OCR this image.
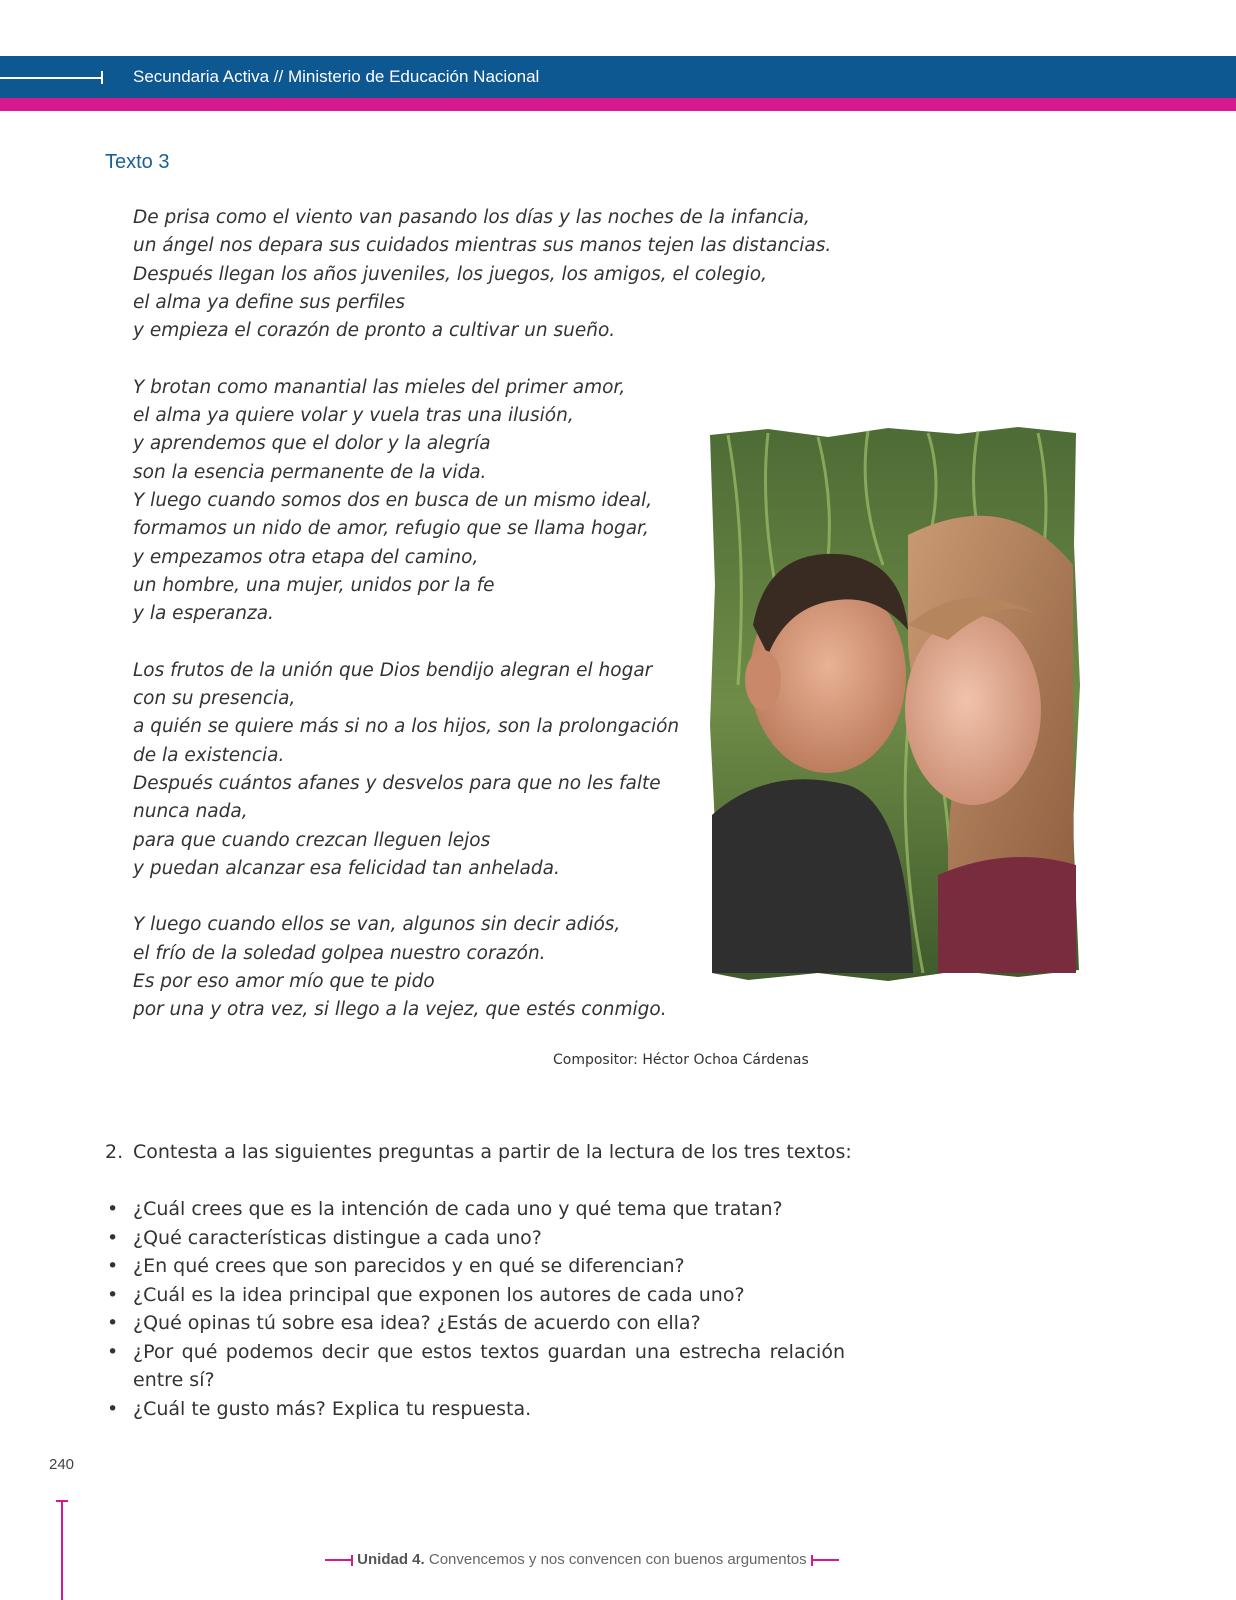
Secundaria Activa // Ministerio de Educación Nacional
Texto 3
De prisa como el viento van pasando los días y las noches de la infancia,
un ángel nos depara sus cuidados mientras sus manos tejen las distancias.
Después llegan los años juveniles, los juegos, los amigos, el colegio,
el alma ya define sus perfiles
y empieza el corazón de pronto a cultivar un sueño.
Y brotan como manantial las mieles del primer amor,
el alma ya quiere volar y vuela tras una ilusión,
y aprendemos que el dolor y la alegría
son la esencia permanente de la vida.
Y luego cuando somos dos en busca de un mismo ideal,
formamos un nido de amor, refugio que se llama hogar,
y empezamos otra etapa del camino,
un hombre, una mujer, unidos por la fe
y la esperanza.
Los frutos de la unión que Dios bendijo alegran el hogar
con su presencia,
a quién se quiere más si no a los hijos, son la prolongación
de la existencia.
Después cuántos afanes y desvelos para que no les falte
nunca nada,
para que cuando crezcan lleguen lejos
y puedan alcanzar esa felicidad tan anhelada.
Y luego cuando ellos se van, algunos sin decir adiós,
el frío de la soledad golpea nuestro corazón.
Es por eso amor mío que te pido
por una y otra vez, si llego a la vejez, que estés conmigo.
Compositor: Héctor Ochoa Cárdenas
2. Contesta a las siguientes preguntas a partir de la lectura de los tres textos:
• ¿Cuál crees que es la intención de cada uno y qué tema que tratan?
• ¿Qué características distingue a cada uno?
• ¿En qué crees que son parecidos y en qué se diferencian?
• ¿Cuál es la idea principal que exponen los autores de cada uno?
• ¿Qué opinas tú sobre esa idea? ¿Estás de acuerdo con ella?
• ¿Por qué podemos decir que estos textos guardan una estrecha relación entre sí?
• ¿Cuál te gusto más? Explica tu respuesta.
240
Unidad 4. Convencemos y nos convencen con buenos argumentos
